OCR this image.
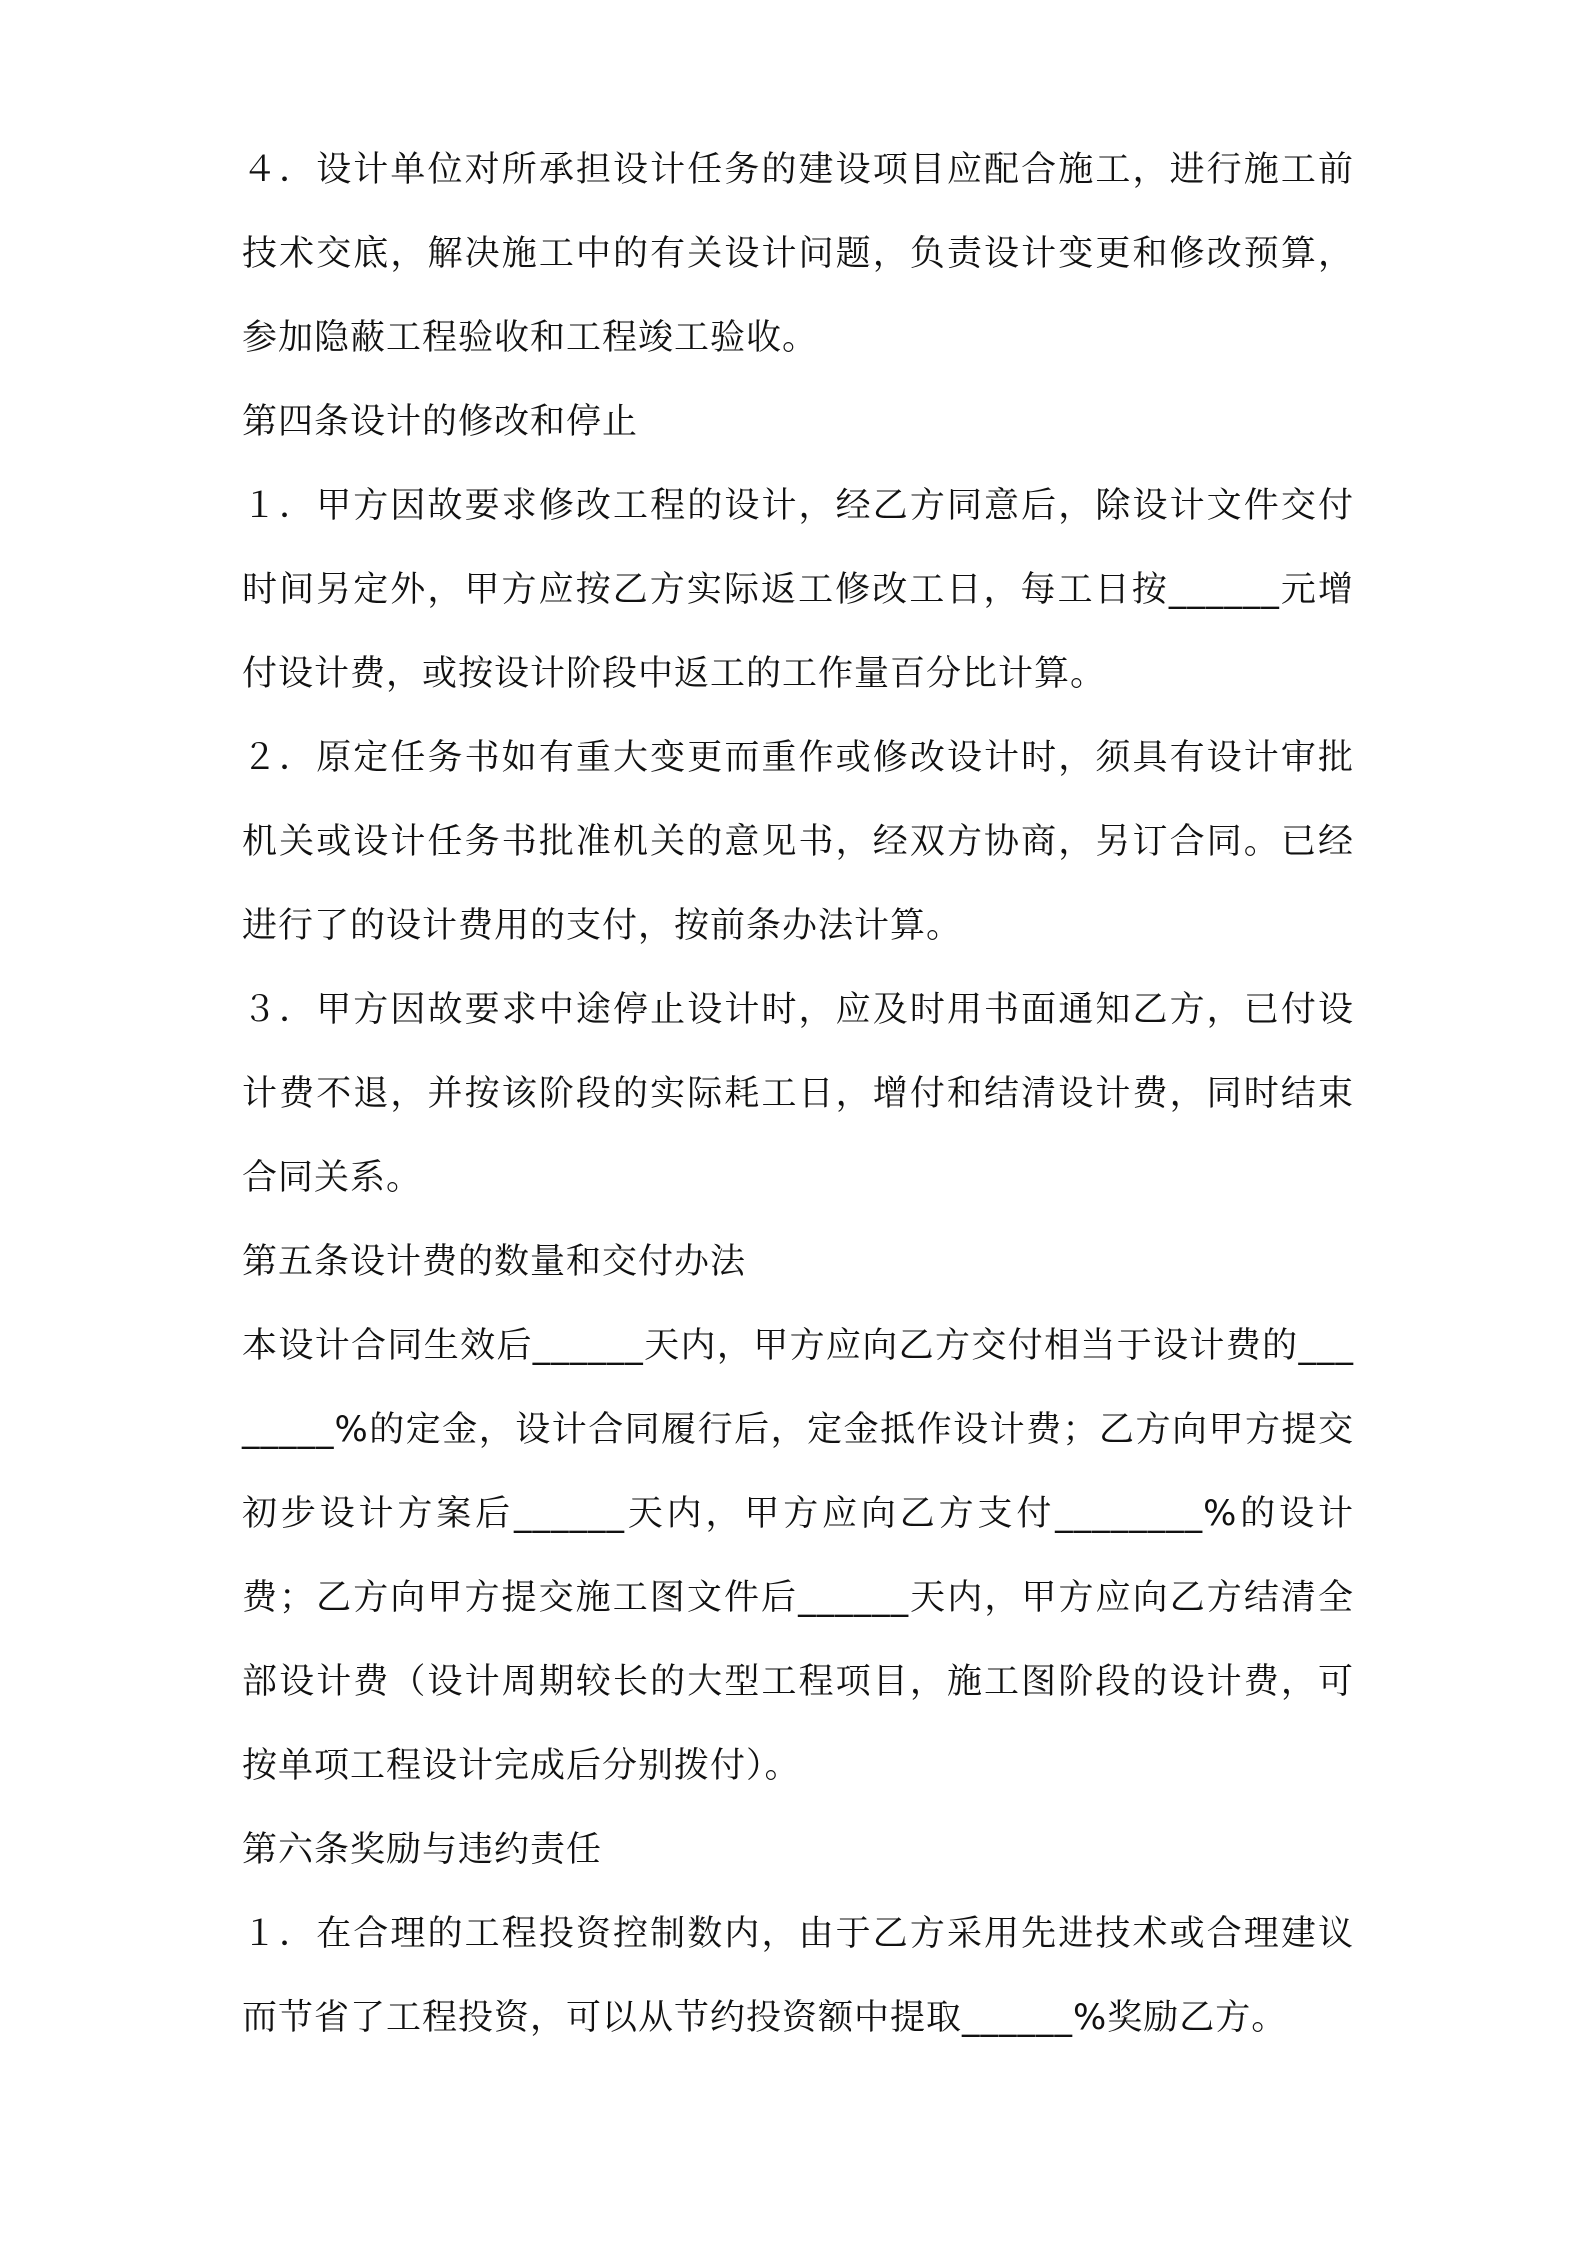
４．设计单位对所承担设计任务的建设项目应配合施工，进行施工前技术交底，解决施工中的有关设计问题，负责设计变更和修改预算，参加隐蔽工程验收和工程竣工验收。

第四条设计的修改和停止

１．甲方因故要求修改工程的设计，经乙方同意后，除设计文件交付时间另定外，甲方应按乙方实际返工修改工日，每工日按______元增付设计费，或按设计阶段中返工的工作量百分比计算。

２．原定任务书如有重大变更而重作或修改设计时，须具有设计审批机关或设计任务书批准机关的意见书，经双方协商，另订合同。已经进行了的设计费用的支付，按前条办法计算。

３．甲方因故要求中途停止设计时，应及时用书面通知乙方，已付设计费不退，并按该阶段的实际耗工日，增付和结清设计费，同时结束合同关系。

第五条设计费的数量和交付办法

本设计合同生效后______天内，甲方应向乙方交付相当于设计费的________%的定金，设计合同履行后，定金抵作设计费；乙方向甲方提交初步设计方案后______天内，甲方应向乙方支付________%的设计费；乙方向甲方提交施工图文件后______天内，甲方应向乙方结清全部设计费（设计周期较长的大型工程项目，施工图阶段的设计费，可按单项工程设计完成后分别拨付）。

第六条奖励与违约责任

１．在合理的工程投资控制数内，由于乙方采用先进技术或合理建议而节省了工程投资，可以从节约投资额中提取______%奖励乙方。
